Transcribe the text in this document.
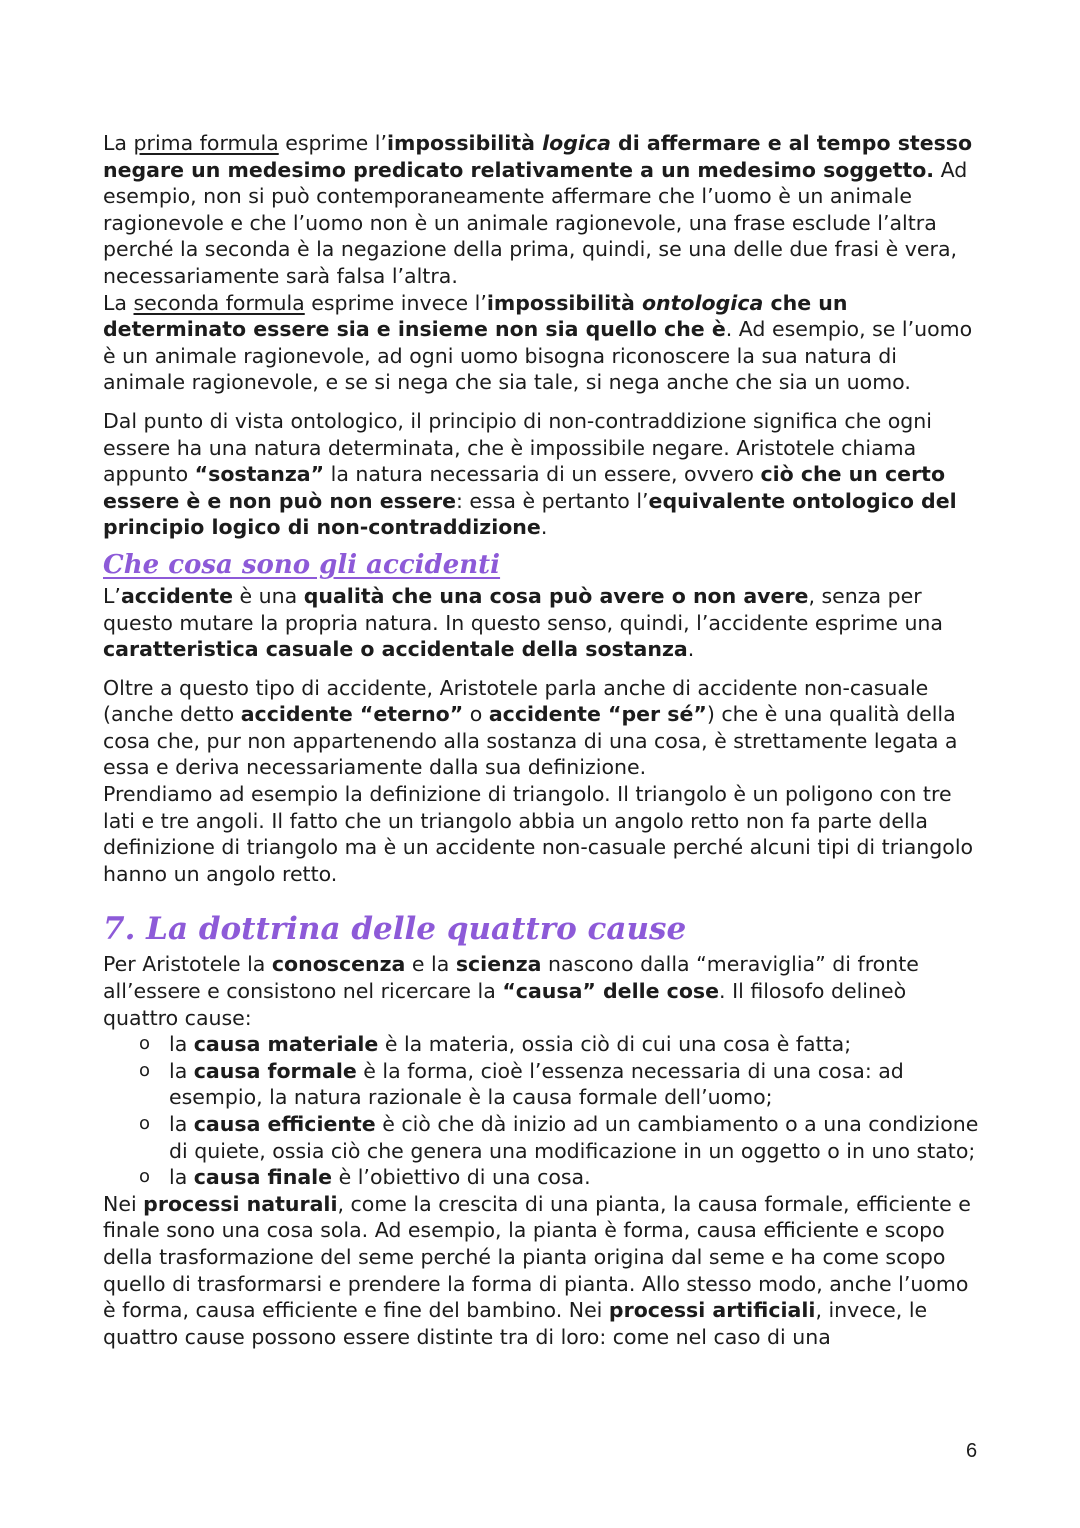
La prima formula esprime l’impossibilità logica di affermare e al tempo stesso negare un medesimo predicato relativamente a un medesimo soggetto. Ad esempio, non si può contemporaneamente affermare che l’uomo è un animale ragionevole e che l’uomo non è un animale ragionevole, una frase esclude l’altra perché la seconda è la negazione della prima, quindi, se una delle due frasi è vera, necessariamente sarà falsa l’altra.

La seconda formula esprime invece l’impossibilità ontologica che un determinato essere sia e insieme non sia quello che è. Ad esempio, se l’uomo è un animale ragionevole, ad ogni uomo bisogna riconoscere la sua natura di animale ragionevole, e se si nega che sia tale, si nega anche che sia un uomo.

Dal punto di vista ontologico, il principio di non-contraddizione significa che ogni essere ha una natura determinata, che è impossibile negare. Aristotele chiama appunto “sostanza” la natura necessaria di un essere, ovvero ciò che un certo essere è e non può non essere: essa è pertanto l’equivalente ontologico del principio logico di non-contraddizione.

Che cosa sono gli accidenti

L’accidente è una qualità che una cosa può avere o non avere, senza per questo mutare la propria natura. In questo senso, quindi, l’accidente esprime una caratteristica casuale o accidentale della sostanza.

Oltre a questo tipo di accidente, Aristotele parla anche di accidente non-casuale (anche detto accidente “eterno” o accidente “per sé”) che è una qualità della cosa che, pur non appartenendo alla sostanza di una cosa, è strettamente legata a essa e deriva necessariamente dalla sua definizione.

Prendiamo ad esempio la definizione di triangolo. Il triangolo è un poligono con tre lati e tre angoli. Il fatto che un triangolo abbia un angolo retto non fa parte della definizione di triangolo ma è un accidente non-casuale perché alcuni tipi di triangolo hanno un angolo retto.

7. La dottrina delle quattro cause

Per Aristotele la conoscenza e la scienza nascono dalla “meraviglia” di fronte all’essere e consistono nel ricercare la “causa” delle cose. Il filosofo delineò quattro cause:

o la causa materiale è la materia, ossia ciò di cui una cosa è fatta;
o la causa formale è la forma, cioè l’essenza necessaria di una cosa: ad esempio, la natura razionale è la causa formale dell’uomo;
o la causa efficiente è ciò che dà inizio ad un cambiamento o a una condizione di quiete, ossia ciò che genera una modificazione in un oggetto o in uno stato;
o la causa finale è l’obiettivo di una cosa.

Nei processi naturali, come la crescita di una pianta, la causa formale, efficiente e finale sono una cosa sola. Ad esempio, la pianta è forma, causa efficiente e scopo della trasformazione del seme perché la pianta origina dal seme e ha come scopo quello di trasformarsi e prendere la forma di pianta. Allo stesso modo, anche l’uomo è forma, causa efficiente e fine del bambino. Nei processi artificiali, invece, le quattro cause possono essere distinte tra di loro: come nel caso di una

6
